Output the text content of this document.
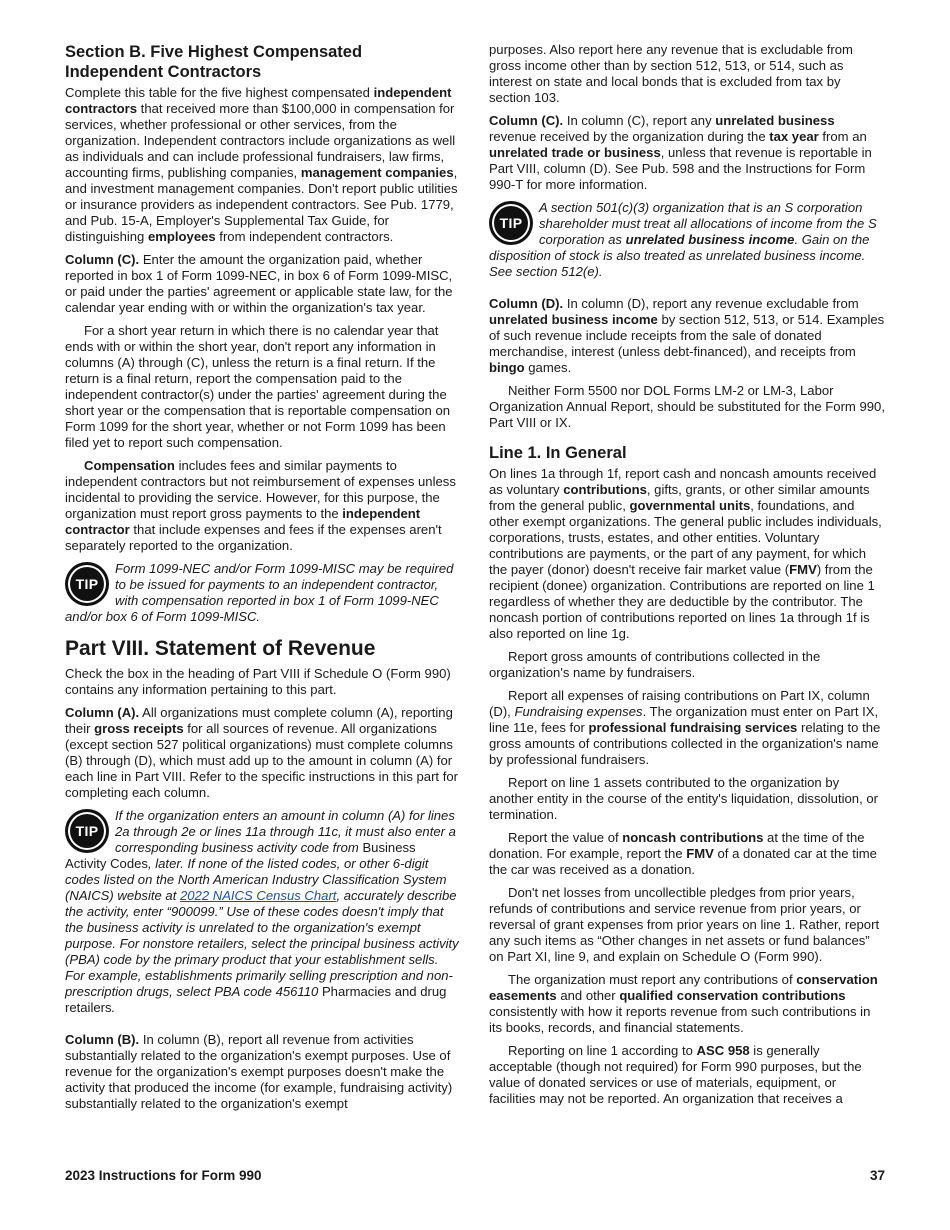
Section B. Five Highest Compensated Independent Contractors

Complete this table for the five highest compensated independent contractors that received more than $100,000 in compensation for services, whether professional or other services, from the organization. Independent contractors include organizations as well as individuals and can include professional fundraisers, law firms, accounting firms, publishing companies, management companies, and investment management companies. Don't report public utilities or insurance providers as independent contractors. See Pub. 1779, and Pub. 15-A, Employer's Supplemental Tax Guide, for distinguishing employees from independent contractors.

Column (C). Enter the amount the organization paid, whether reported in box 1 of Form 1099-NEC, in box 6 of Form 1099-MISC, or paid under the parties' agreement or applicable state law, for the calendar year ending with or within the organization's tax year.

For a short year return in which there is no calendar year that ends with or within the short year, don't report any information in columns (A) through (C), unless the return is a final return. If the return is a final return, report the compensation paid to the independent contractor(s) under the parties' agreement during the short year or the compensation that is reportable compensation on Form 1099 for the short year, whether or not Form 1099 has been filed yet to report such compensation.

Compensation includes fees and similar payments to independent contractors but not reimbursement of expenses unless incidental to providing the service. However, for this purpose, the organization must report gross payments to the independent contractor that include expenses and fees if the expenses aren't separately reported to the organization.

TIP
Form 1099-NEC and/or Form 1099-MISC may be required to be issued for payments to an independent contractor, with compensation reported in box 1 of Form 1099-NEC and/or box 6 of Form 1099-MISC.
Part VIII. Statement of Revenue

Check the box in the heading of Part VIII if Schedule O (Form 990) contains any information pertaining to this part.

Column (A). All organizations must complete column (A), reporting their gross receipts for all sources of revenue. All organizations (except section 527 political organizations) must complete columns (B) through (D), which must add up to the amount in column (A) for each line in Part VIII. Refer to the specific instructions in this part for completing each column.

TIP
If the organization enters an amount in column (A) for lines 2a through 2e or lines 11a through 11c, it must also enter a corresponding business activity code from Business Activity Codes, later. If none of the listed codes, or other 6-digit codes listed on the North American Industry Classification System (NAICS) website at 2022 NAICS Census Chart, accurately describe the activity, enter “900099.” Use of these codes doesn't imply that the business activity is unrelated to the organization's exempt purpose. For nonstore retailers, select the principal business activity (PBA) code by the primary product that your establishment sells. For example, establishments primarily selling prescription and non-prescription drugs, select PBA code 456110 Pharmacies and drug retailers.

Column (B). In column (B), report all revenue from activities substantially related to the organization's exempt purposes. Use of revenue for the organization's exempt purposes doesn't make the activity that produced the income (for example, fundraising activity) substantially related to the organization's exempt

purposes. Also report here any revenue that is excludable from gross income other than by section 512, 513, or 514, such as interest on state and local bonds that is excluded from tax by section 103.

Column (C). In column (C), report any unrelated business revenue received by the organization during the tax year from an unrelated trade or business, unless that revenue is reportable in Part VIII, column (D). See Pub. 598 and the Instructions for Form 990-T for more information.

TIP
A section 501(c)(3) organization that is an S corporation shareholder must treat all allocations of income from the S corporation as unrelated business income. Gain on the disposition of stock is also treated as unrelated business income. See section 512(e).

Column (D). In column (D), report any revenue excludable from unrelated business income by section 512, 513, or 514. Examples of such revenue include receipts from the sale of donated merchandise, interest (unless debt-financed), and receipts from bingo games.

Neither Form 5500 nor DOL Forms LM-2 or LM-3, Labor Organization Annual Report, should be substituted for the Form 990, Part VIII or IX.

Line 1. In General

On lines 1a through 1f, report cash and noncash amounts received as voluntary contributions, gifts, grants, or other similar amounts from the general public, governmental units, foundations, and other exempt organizations. The general public includes individuals, corporations, trusts, estates, and other entities. Voluntary contributions are payments, or the part of any payment, for which the payer (donor) doesn't receive fair market value (FMV) from the recipient (donee) organization. Contributions are reported on line 1 regardless of whether they are deductible by the contributor. The noncash portion of contributions reported on lines 1a through 1f is also reported on line 1g.

Report gross amounts of contributions collected in the organization's name by fundraisers.

Report all expenses of raising contributions on Part IX, column (D), Fundraising expenses. The organization must enter on Part IX, line 11e, fees for professional fundraising services relating to the gross amounts of contributions collected in the organization's name by professional fundraisers.

Report on line 1 assets contributed to the organization by another entity in the course of the entity's liquidation, dissolution, or termination.

Report the value of noncash contributions at the time of the donation. For example, report the FMV of a donated car at the time the car was received as a donation.

Don't net losses from uncollectible pledges from prior years, refunds of contributions and service revenue from prior years, or reversal of grant expenses from prior years on line 1. Rather, report any such items as “Other changes in net assets or fund balances” on Part XI, line 9, and explain on Schedule O (Form 990).

The organization must report any contributions of conservation easements and other qualified conservation contributions consistently with how it reports revenue from such contributions in its books, records, and financial statements.

Reporting on line 1 according to ASC 958 is generally acceptable (though not required) for Form 990 purposes, but the value of donated services or use of materials, equipment, or facilities may not be reported. An organization that receives a

2023 Instructions for Form 990	37
